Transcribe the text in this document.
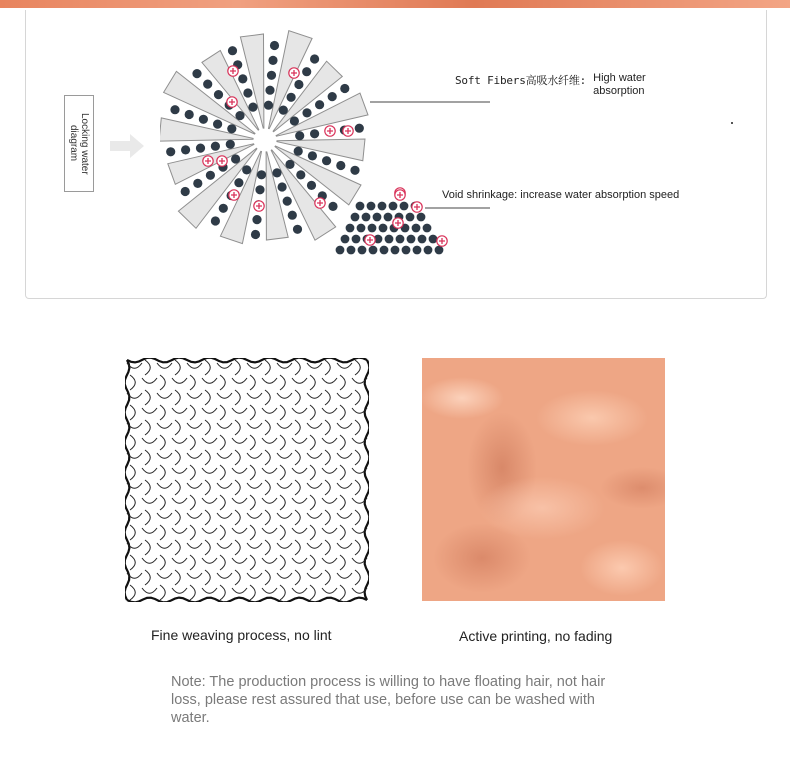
Locking water diagram
Soft Fibers高吸水纤维: High water absorption
Void shrinkage: increase water absorption speed
Fine weaving process, no lint	Active printing, no fading
Note: The production process is willing to have floating hair, not hair loss, please rest assured that use, before use can be washed with water.
